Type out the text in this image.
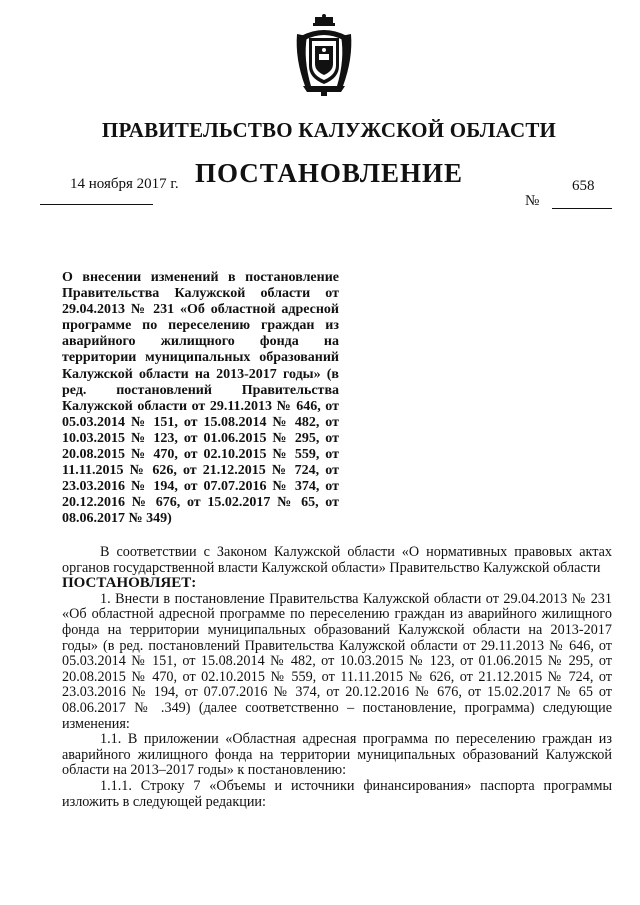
ПРАВИТЕЛЬСТВО КАЛУЖСКОЙ ОБЛАСТИ
ПОСТАНОВЛЕНИЕ
14 ноября 2017 г.	658
№
О внесении изменений в постановление Правительства Калужской области от 29.04.2013 № 231 «Об областной адресной программе по переселению граждан из аварийного жилищного фонда на территории муниципальных образований Калужской области на 2013-2017 годы» (в ред. постановлений Правительства Калужской области от 29.11.2013 № 646, от 05.03.2014 № 151, от 15.08.2014 № 482, от 10.03.2015 № 123, от 01.06.2015 № 295, от 20.08.2015 № 470, от 02.10.2015 № 559, от 11.11.2015 № 626, от 21.12.2015 № 724, от 23.03.2016 № 194, от 07.07.2016 № 374, от 20.12.2016 № 676, от 15.02.2017 № 65, от 08.06.2017 № 349)

В соответствии с Законом Калужской области «О нормативных правовых актах органов государственной власти Калужской области» Правительство Калужской области

ПОСТАНОВЛЯЕТ:

1. Внести в постановление Правительства Калужской области от 29.04.2013 № 231 «Об областной адресной программе по переселению граждан из аварийного жилищного фонда на территории муниципальных образований Калужской области на 2013-2017 годы» (в ред. постановлений Правительства Калужской области от 29.11.2013 № 646, от 05.03.2014 № 151, от 15.08.2014 № 482, от 10.03.2015 № 123, от 01.06.2015 № 295, от 20.08.2015 № 470, от 02.10.2015 № 559, от 11.11.2015 № 626, от 21.12.2015 № 724, от 23.03.2016 № 194, от 07.07.2016 № 374, от 20.12.2016 № 676, от 15.02.2017 № 65 от 08.06.2017 № .349) (далее соответственно – постановление, программа) следующие изменения:

1.1. В приложении «Областная адресная программа по переселению граждан из аварийного жилищного фонда на территории муниципальных образований Калужской области на 2013–2017 годы» к постановлению:

1.1.1. Строку 7 «Объемы и источники финансирования» паспорта программы изложить в следующей редакции:
